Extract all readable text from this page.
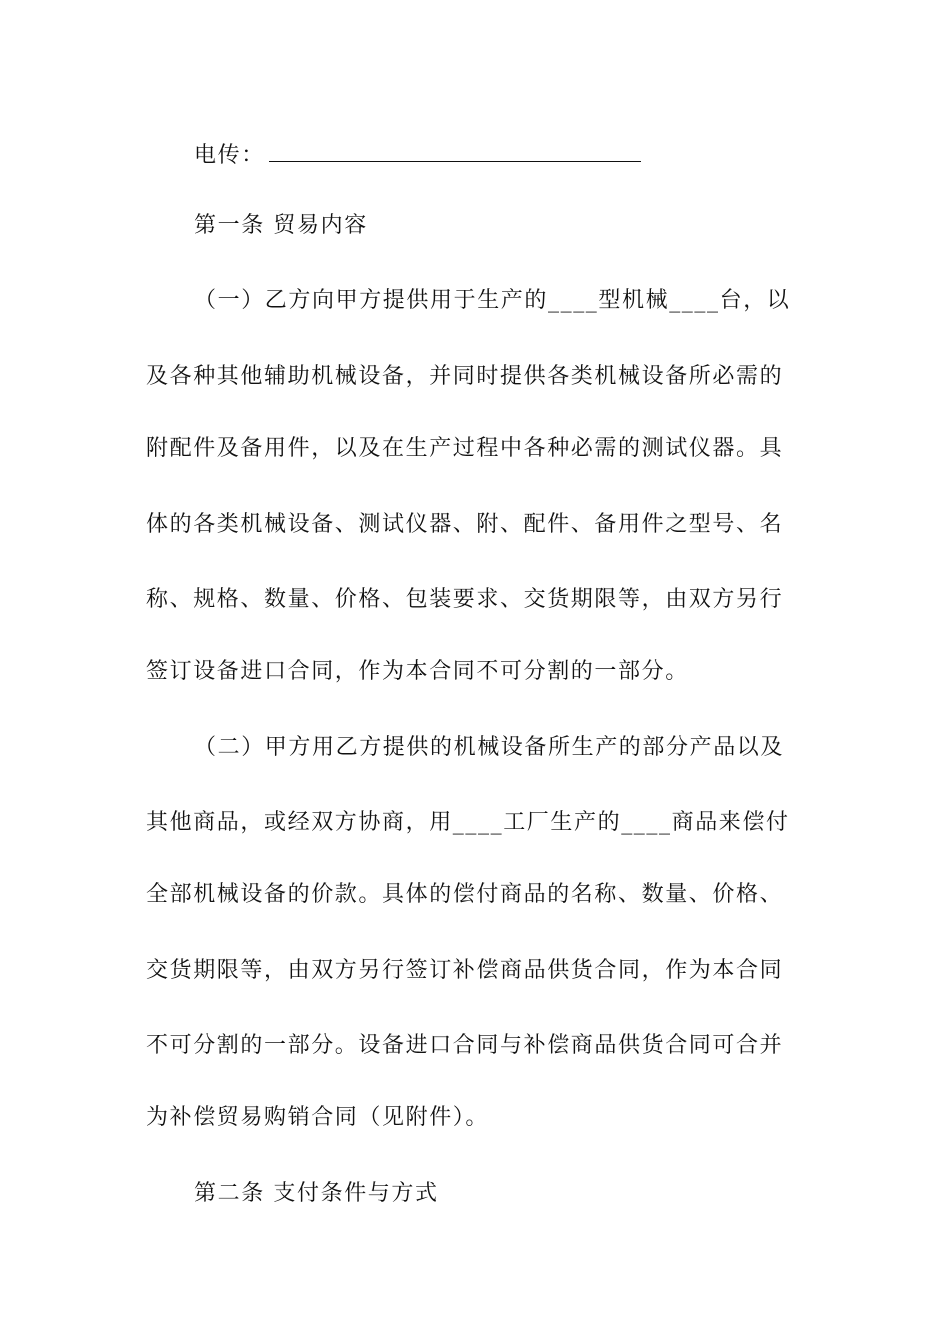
电传：
第一条 贸易内容
（一）乙方向甲方提供用于生产的____型机械____台，以
及各种其他辅助机械设备，并同时提供各类机械设备所必需的
附配件及备用件，以及在生产过程中各种必需的测试仪器。具
体的各类机械设备、测试仪器、附、配件、备用件之型号、名
称、规格、数量、价格、包装要求、交货期限等，由双方另行
签订设备进口合同，作为本合同不可分割的一部分。
（二）甲方用乙方提供的机械设备所生产的部分产品以及
其他商品，或经双方协商，用____工厂生产的____商品来偿付
全部机械设备的价款。具体的偿付商品的名称、数量、价格、
交货期限等，由双方另行签订补偿商品供货合同，作为本合同
不可分割的一部分。设备进口合同与补偿商品供货合同可合并
为补偿贸易购销合同（见附件）。
第二条 支付条件与方式
